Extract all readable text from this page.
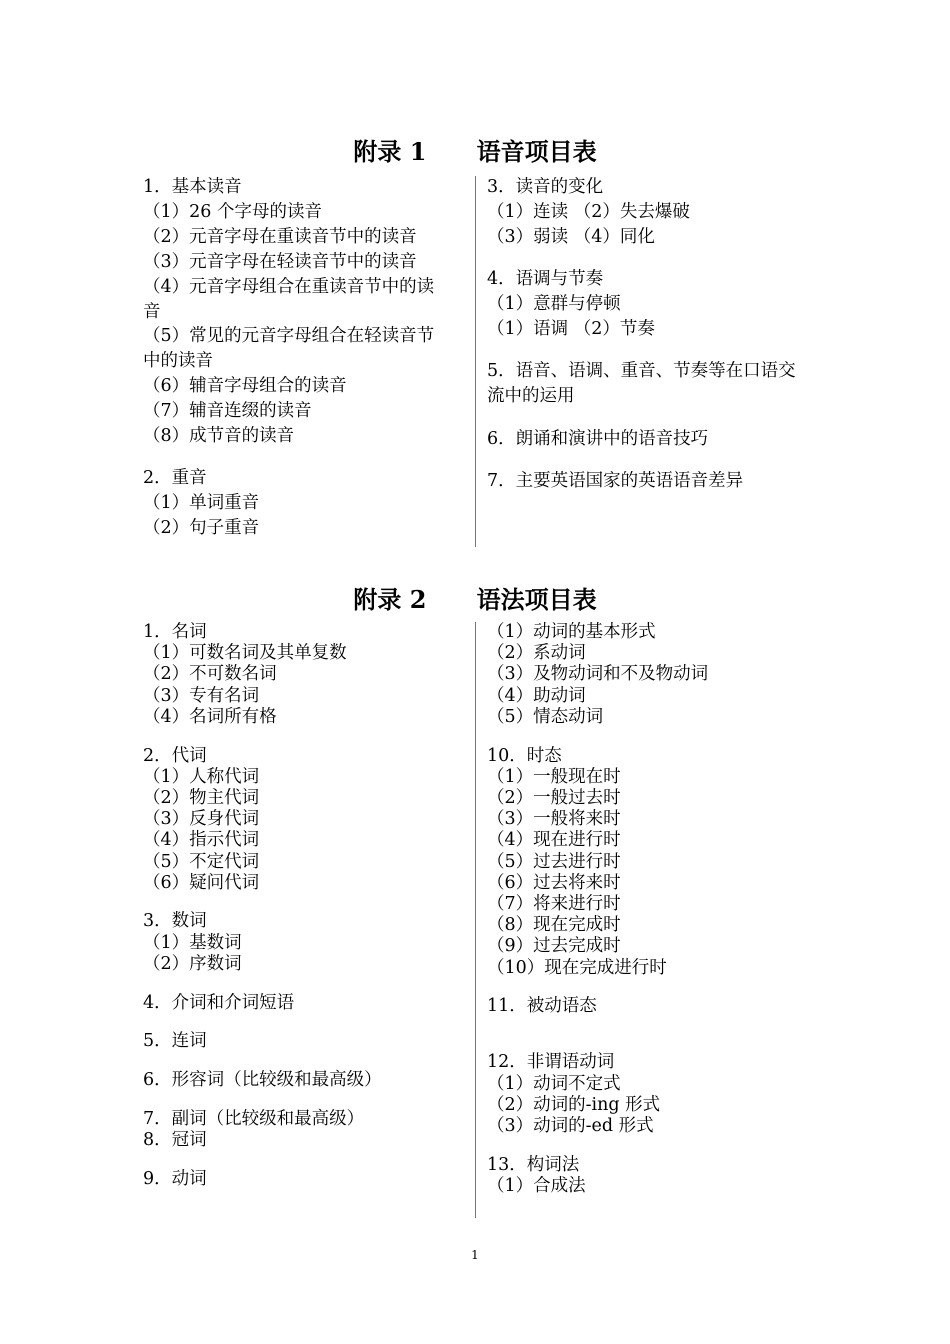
附录 1      语音项目表
1．基本读音
（1）26 个字母的读音
（2）元音字母在重读音节中的读音
（3）元音字母在轻读音节中的读音
（4）元音字母组合在重读音节中的读
音
（5）常见的元音字母组合在轻读音节
中的读音
（6）辅音字母组合的读音
（7）辅音连缀的读音
（8）成节音的读音
2．重音
（1）单词重音
（2）句子重音
3．读音的变化
（1）连读 （2）失去爆破
（3）弱读 （4）同化
4．语调与节奏
（1）意群与停顿
（1）语调 （2）节奏
5．语音、语调、重音、节奏等在口语交
流中的运用
6．朗诵和演讲中的语音技巧
7．主要英语国家的英语语音差异
附录 2      语法项目表
1．名词
（1）可数名词及其单复数
（2）不可数名词
（3）专有名词
（4）名词所有格
2．代词
（1）人称代词
（2）物主代词
（3）反身代词
（4）指示代词
（5）不定代词
（6）疑问代词
3．数词
（1）基数词
（2）序数词
4．介词和介词短语
5．连词
6．形容词（比较级和最高级）
7．副词（比较级和最高级）
8．冠词
9．动词
（1）动词的基本形式
（2）系动词
（3）及物动词和不及物动词
（4）助动词
（5）情态动词
10．时态
（1）一般现在时
（2）一般过去时
（3）一般将来时
（4）现在进行时
（5）过去进行时
（6）过去将来时
（7）将来进行时
（8）现在完成时
（9）过去完成时
（10）现在完成进行时
11．被动语态
12．非谓语动词
（1）动词不定式
（2）动词的-ing 形式
（3）动词的-ed 形式
13．构词法
（1）合成法
1
